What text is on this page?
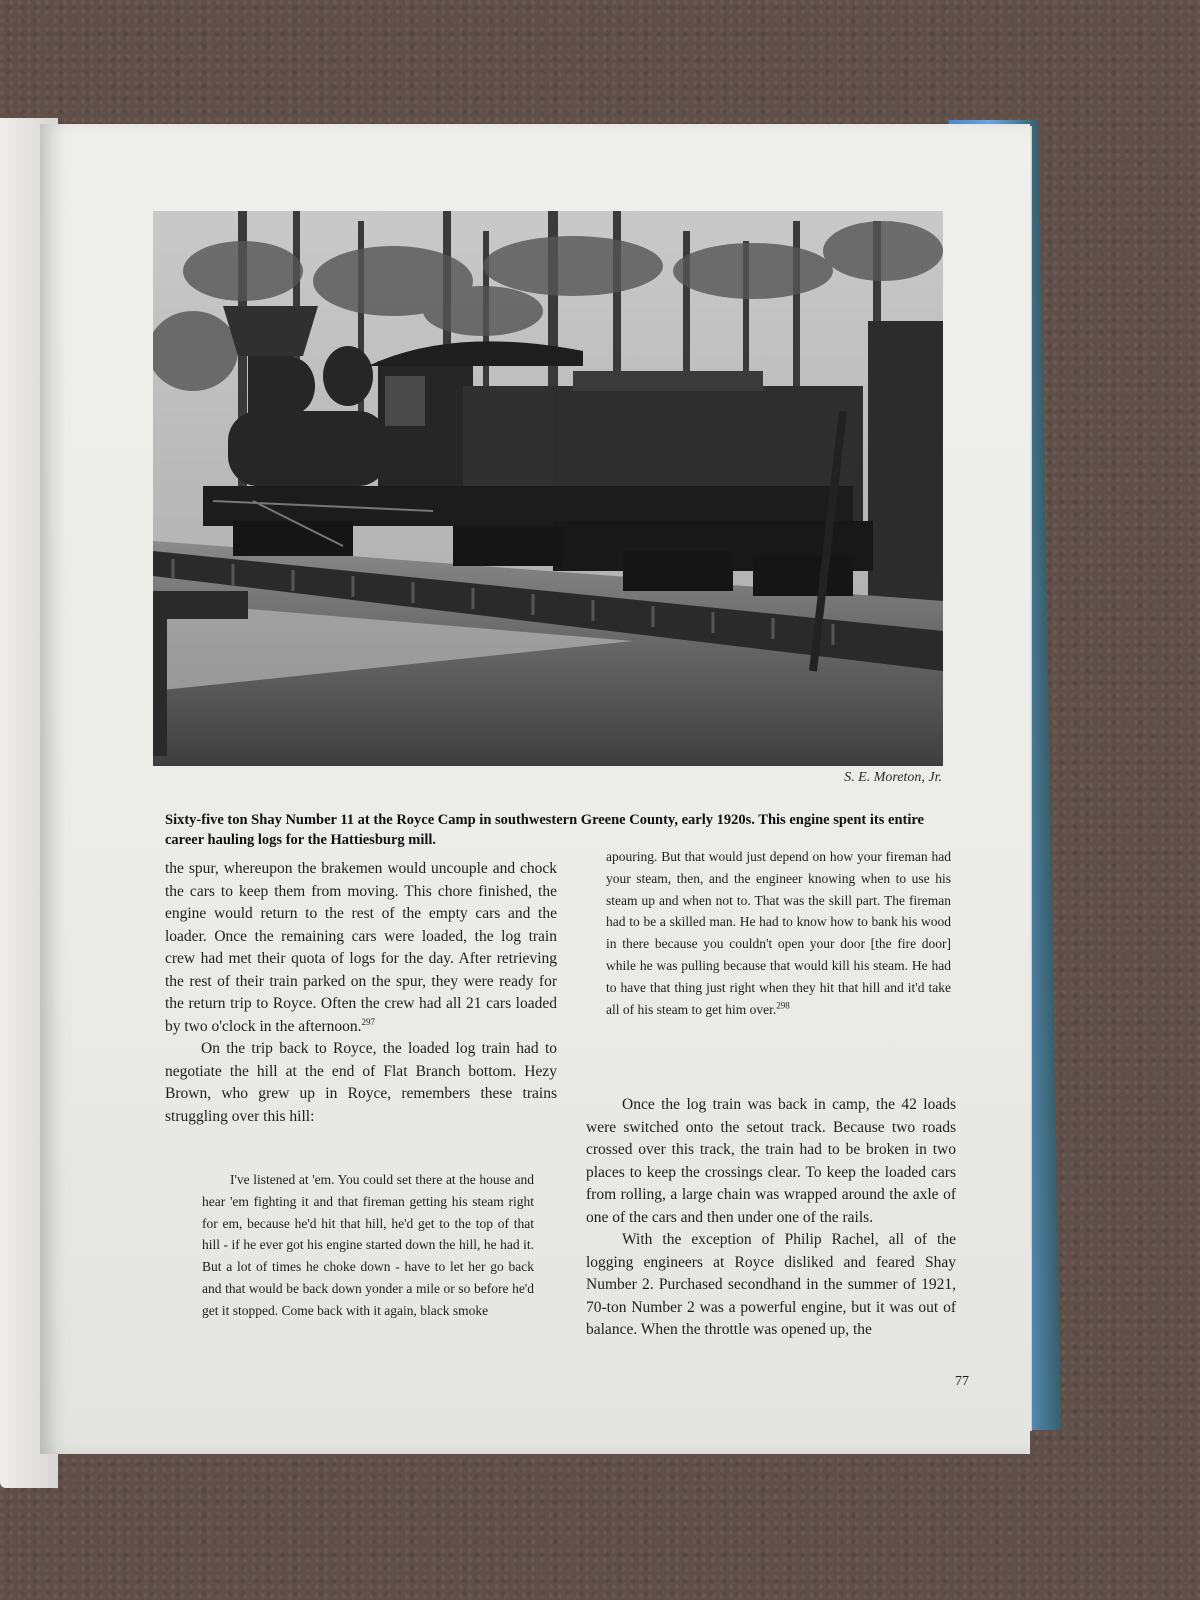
S. E. Moreton, Jr.
Sixty-five ton Shay Number 11 at the Royce Camp in southwestern Greene County, early 1920s. This engine spent its entire career hauling logs for the Hattiesburg mill.

the spur, whereupon the brakemen would uncouple and chock the cars to keep them from moving. This chore finished, the engine would return to the rest of the empty cars and the loader. Once the remaining cars were loaded, the log train crew had met their quota of logs for the day. After retrieving the rest of their train parked on the spur, they were ready for the return trip to Royce. Often the crew had all 21 cars loaded by two o'clock in the afternoon.$^{297}$

On the trip back to Royce, the loaded log train had to negotiate the hill at the end of Flat Branch bottom. Hezy Brown, who grew up in Royce, remembers these trains struggling over this hill:

I've listened at 'em. You could set there at the house and hear 'em fighting it and that fireman getting his steam right for em, because he'd hit that hill, he'd get to the top of that hill - if he ever got his engine started down the hill, he had it. But a lot of times he choke down - have to let her go back and that would be back down yonder a mile or so before he'd get it stopped. Come back with it again, black smoke

apouring. But that would just depend on how your fireman had your steam, then, and the engineer knowing when to use his steam up and when not to. That was the skill part. The fireman had to be a skilled man. He had to know how to bank his wood in there because you couldn't open your door [the fire door] while he was pulling because that would kill his steam. He had to have that thing just right when they hit that hill and it'd take all of his steam to get him over.$^{298}$

Once the log train was back in camp, the 42 loads were switched onto the setout track. Because two roads crossed over this track, the train had to be broken in two places to keep the crossings clear. To keep the loaded cars from rolling, a large chain was wrapped around the axle of one of the cars and then under one of the rails.

With the exception of Philip Rachel, all of the logging engineers at Royce disliked and feared Shay Number 2. Purchased secondhand in the summer of 1921, 70-ton Number 2 was a powerful engine, but it was out of balance. When the throttle was opened up, the

77
